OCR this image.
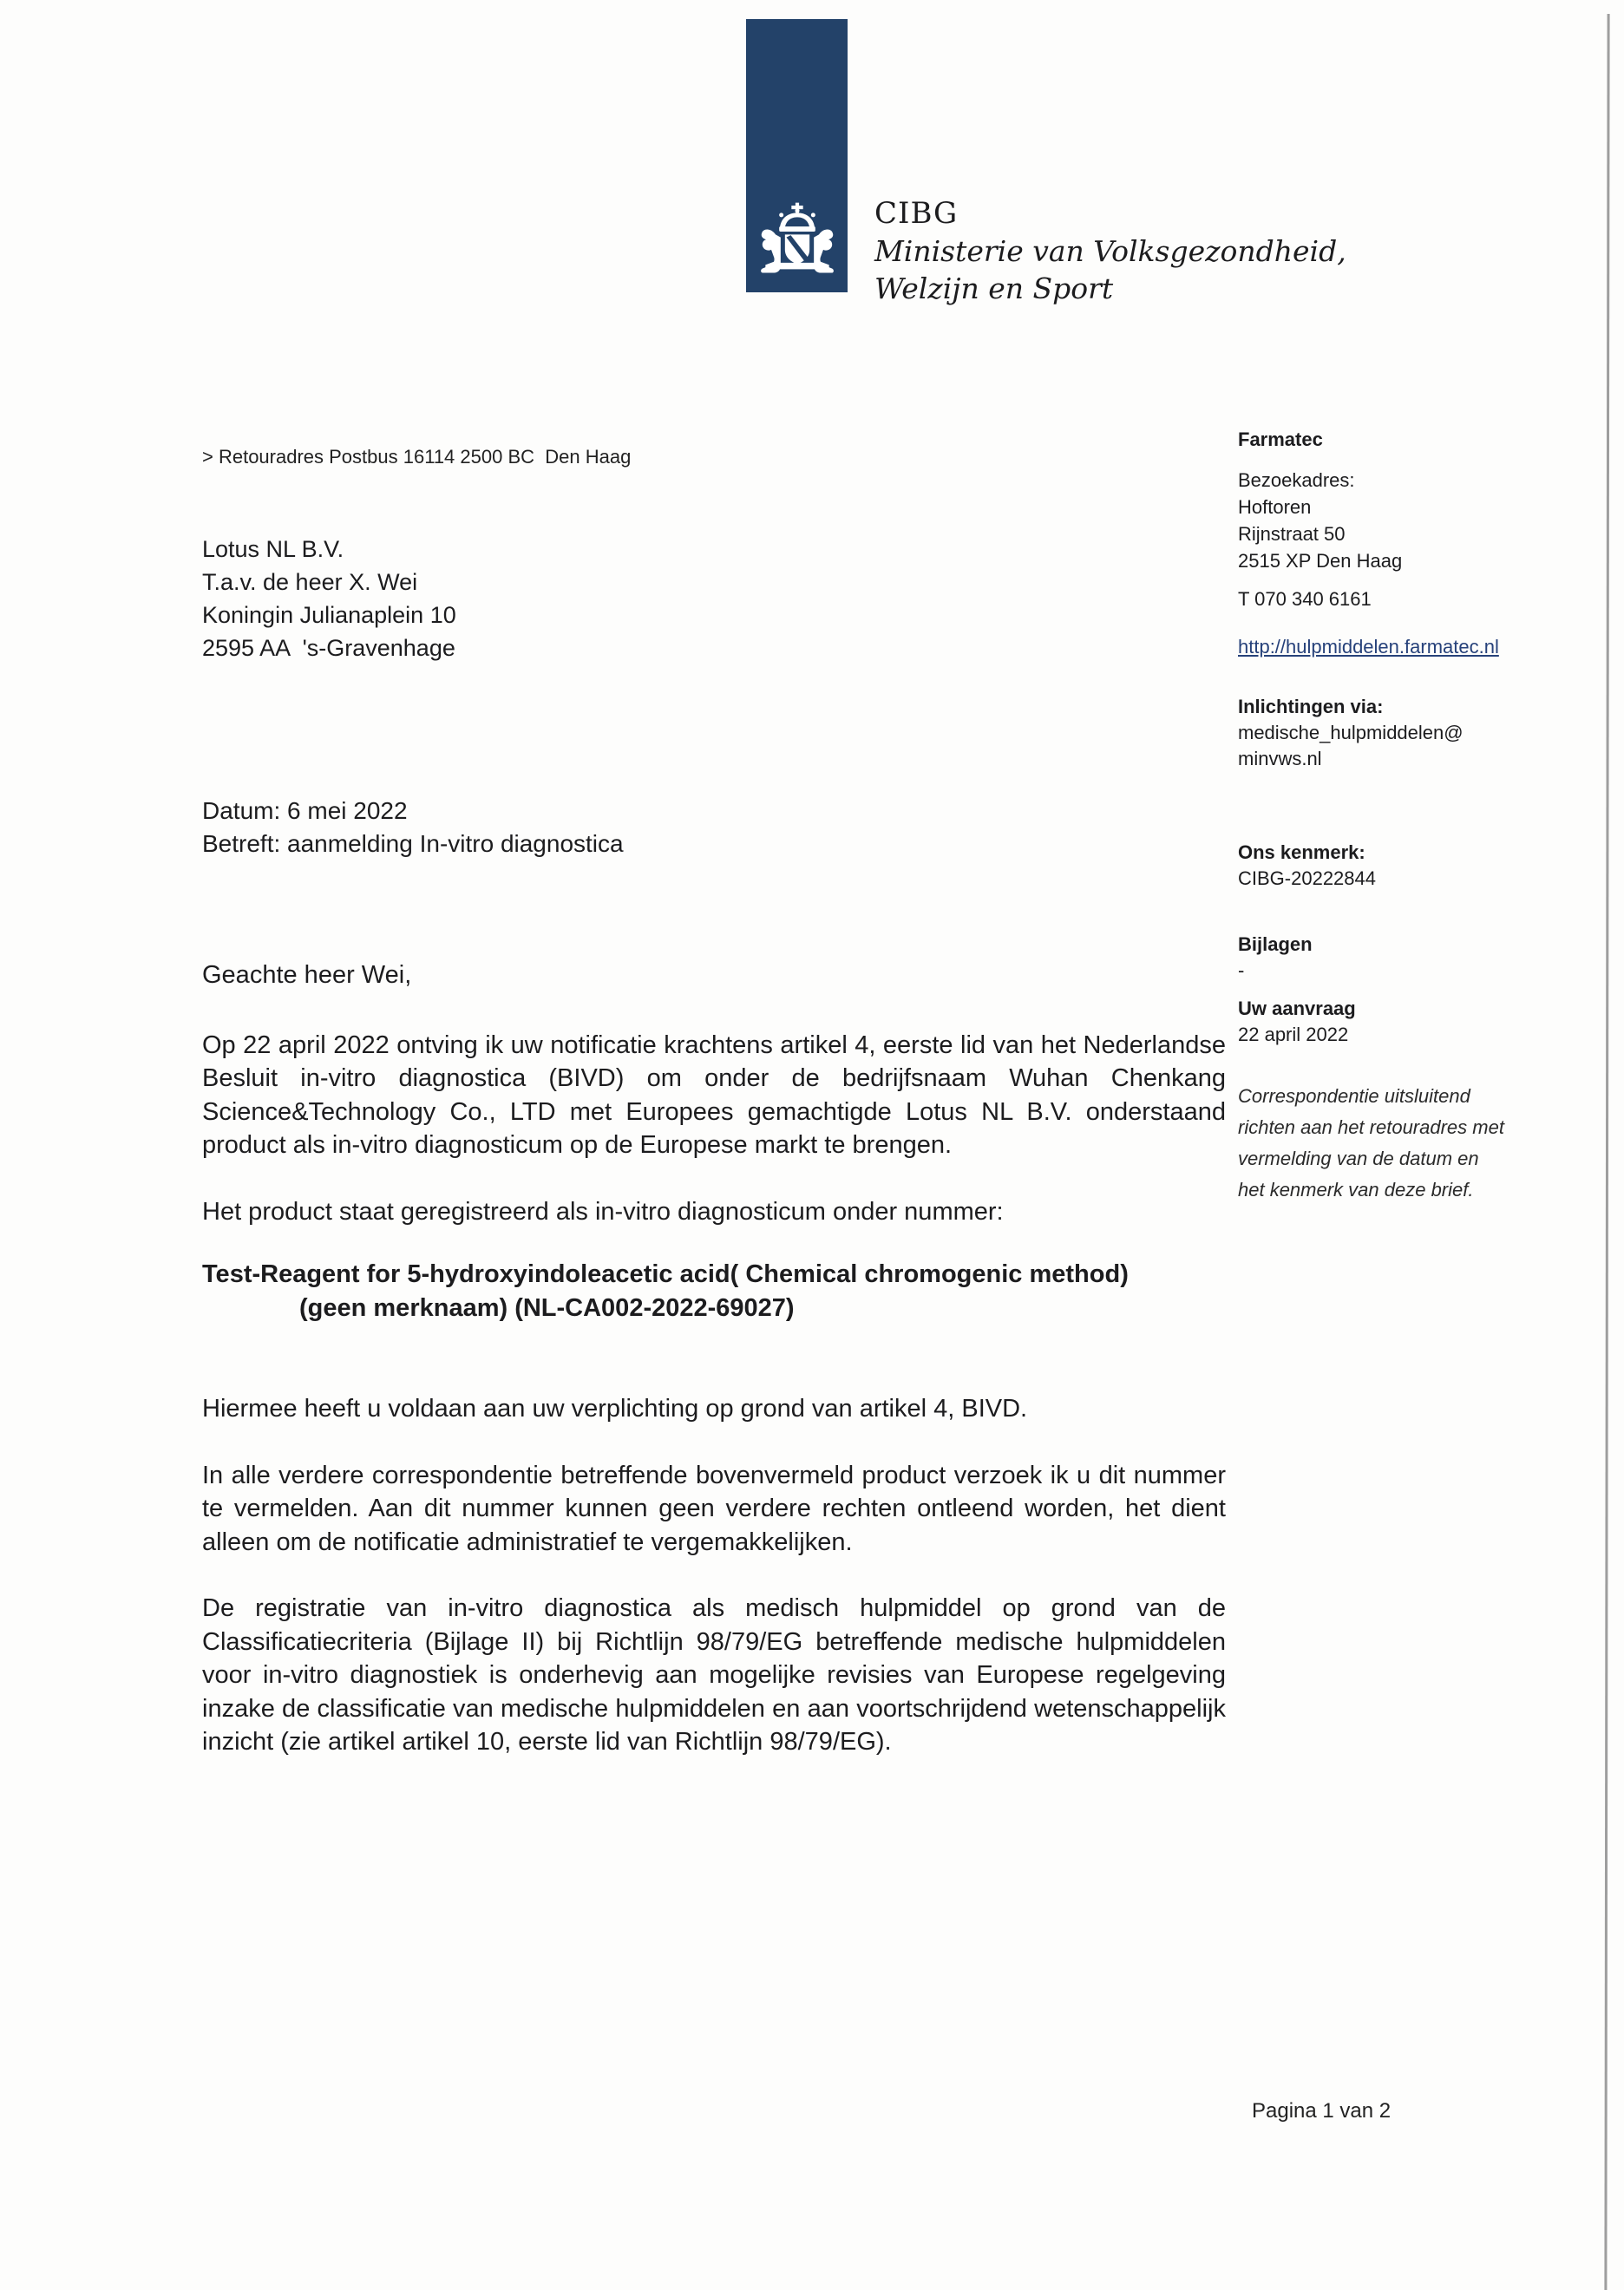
CIBG
Ministerie van Volksgezondheid,
Welzijn en Sport
> Retouradres Postbus 16114 2500 BC  Den Haag
Lotus NL B.V.
T.a.v. de heer X. Wei
Koningin Julianaplein 10
2595 AA  's-Gravenhage
Datum: 6 mei 2022
Betreft: aanmelding In-vitro diagnostica

Geachte heer Wei,

Op 22 april 2022 ontving ik uw notificatie krachtens artikel 4, eerste lid van het Nederlandse Besluit in-vitro diagnostica (BIVD) om onder de bedrijfsnaam Wuhan Chenkang Science&Technology Co., LTD met Europees gemachtigde Lotus NL B.V. onderstaand product als in-vitro diagnosticum op de Europese markt te brengen.

Het product staat geregistreerd als in-vitro diagnosticum onder nummer:

Test-Reagent for 5-hydroxyindoleacetic acid( Chemical chromogenic method)

(geen merknaam) (NL-CA002-2022-69027)

Hiermee heeft u voldaan aan uw verplichting op grond van artikel 4, BIVD.

In alle verdere correspondentie betreffende bovenvermeld product verzoek ik u dit nummer te vermelden. Aan dit nummer kunnen geen verdere rechten ontleend worden, het dient alleen om de notificatie administratief te vergemakkelijken.

De registratie van in-vitro diagnostica als medisch hulpmiddel op grond van de Classificatiecriteria (Bijlage II) bij Richtlijn 98/79/EG betreffende medische hulpmiddelen voor in-vitro diagnostiek is onderhevig aan mogelijke revisies van Europese regelgeving inzake de classificatie van medische hulpmiddelen en aan voortschrijdend wetenschappelijk inzicht (zie artikel artikel 10, eerste lid van Richtlijn 98/79/EG).

Farmatec
Bezoekadres:
Hoftoren
Rijnstraat 50
2515 XP Den Haag
T 070 340 6161
http://hulpmiddelen.farmatec.nl
Inlichtingen via:
medische_hulpmiddelen@
minvws.nl
Ons kenmerk:
CIBG-20222844
Bijlagen
-
Uw aanvraag
22 april 2022
Correspondentie uitsluitend
richten aan het retouradres met
vermelding van de datum en
het kenmerk van deze brief.
Pagina 1 van 2
